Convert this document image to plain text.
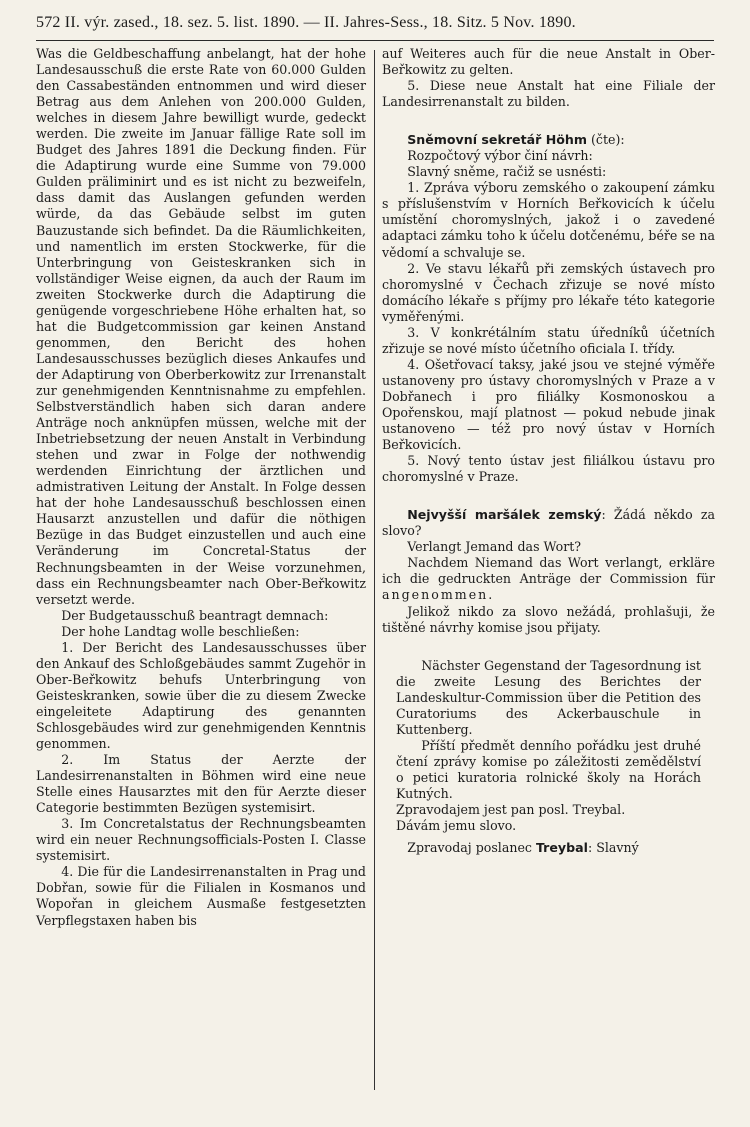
572 II. výr. zased., 18. sez. 5. list. 1890. — II. Jahres-Sess., 18. Sitz. 5 Nov. 1890.

Was die Geldbeschaffung anbelangt, hat der hohe Landesausschuß die erste Rate von 60.000 Gulden den Cassabeständen entnommen und wird dieser Betrag aus dem Anlehen von 200.000 Gulden, welches in diesem Jahre bewilligt wurde, gedeckt werden. Die zweite im Januar fällige Rate soll im Budget des Jahres 1891 die Deckung finden. Für die Adaptirung wurde eine Summe von 79.000 Gulden präliminirt und es ist nicht zu bezweifeln, dass damit das Auslangen gefunden werden würde, da das Gebäude selbst im guten Bauzustande sich befindet. Da die Räumlichkeiten, und namentlich im ersten Stockwerke, für die Unterbringung von Geisteskranken sich in vollständiger Weise eignen, da auch der Raum im zweiten Stockwerke durch die Adaptirung die genügende vorgeschriebene Höhe erhalten hat, so hat die Budgetcommission gar keinen Anstand genommen, den Bericht des hohen Landesausschusses bezüglich dieses Ankaufes und der Adaptirung von Oberberkowitz zur Irrenanstalt zur genehmigenden Kenntnisnahme zu empfehlen. Selbstverständlich haben sich daran andere Anträge noch anknüpfen müssen, welche mit der Inbetriebsetzung der neuen Anstalt in Verbindung stehen und zwar in Folge der nothwendig werdenden Einrichtung der ärztlichen und admistrativen Leitung der Anstalt. In Folge dessen hat der hohe Landesausschuß beschlossen einen Hausarzt anzustellen und dafür die nöthigen Bezüge in das Budget einzustellen und auch eine Veränderung im Concretal-Status der Rechnungsbeamten in der Weise vorzunehmen, dass ein Rechnungsbeamter nach Ober-Beřkowitz versetzt werde.

Der Budgetausschuß beantragt demnach:

Der hohe Landtag wolle beschließen:

1. Der Bericht des Landesausschusses über den Ankauf des Schloßgebäudes sammt Zugehör in Ober-Beřkowitz behufs Unterbringung von Geisteskranken, sowie über die zu diesem Zwecke eingeleitete Adaptirung des genannten Schlosgebäudes wird zur genehmigenden Kenntnis genommen.

2. Im Status der Aerzte der Landesirrenanstalten in Böhmen wird eine neue Stelle eines Hausarztes mit den für Aerzte dieser Categorie bestimmten Bezügen systemisirt.

3. Im Concretalstatus der Rechnungsbeamten wird ein neuer Rechnungsofficials-Posten I. Classe systemisirt.

4. Die für die Landesirrenanstalten in Prag und Dobřan, sowie für die Filialen in Kosmanos und Wopořan in gleichem Ausmaße festgesetzten Verpflegstaxen haben bis

auf Weiteres auch für die neue Anstalt in Ober-Beřkowitz zu gelten.

5. Diese neue Anstalt hat eine Filiale der Landesirrenanstalt zu bilden.

Sněmovní sekretář Höhm (čte):

Rozpočtový výbor činí návrh:

Slavný sněme, račiž se usnésti:

1. Zpráva výboru zemského o zakoupení zámku s příslušenstvím v Horních Beřkovicích k účelu umístění choromyslných, jakož i o zavedené adaptaci zámku toho k účelu dotčenému, béře se na vědomí a schvaluje se.

2. Ve stavu lékařů při zemských ústavech pro choromyslné v Čechach zřizuje se nové místo domácího lékaře s příjmy pro lékaře této kategorie vyměřenými.

3. V konkrétálním statu úředníků účetních zřizuje se nové místo účetního oficiala I. třídy.

4. Ošetřovací taksy, jaké jsou ve stejné výměře ustanoveny pro ústavy choromyslných v Praze a v Dobřanech i pro filiálky Kosmonoskou a Opořenskou, mají platnost — pokud nebude jinak ustanoveno — též pro nový ústav v Horních Beřkovicích.

5. Nový tento ústav jest filiálkou ústavu pro choromyslné v Praze.

Nejvyšší maršálek zemský: Žádá někdo za slovo?

Verlangt Jemand das Wort?

Nachdem Niemand das Wort verlangt, erkläre ich die gedruckten Anträge der Commission für angenommen.

Jelikož nikdo za slovo nežádá, prohlašuji, že tištěné návrhy komise jsou přijaty.

Nächster Gegenstand der Tagesordnung ist die zweite Lesung des Berichtes der Landeskultur-Commission über die Petition des Curatoriums des Ackerbauschule in Kuttenberg.

Příští předmět denního pořádku jest druhé čtení zprávy komise po záležitosti zemědělství o petici kuratoria rolnické školy na Horách Kutných.

Zpravodajem jest pan posl. Treybal.

Dávám jemu slovo.

Zpravodaj poslanec Treybal: Slavný
